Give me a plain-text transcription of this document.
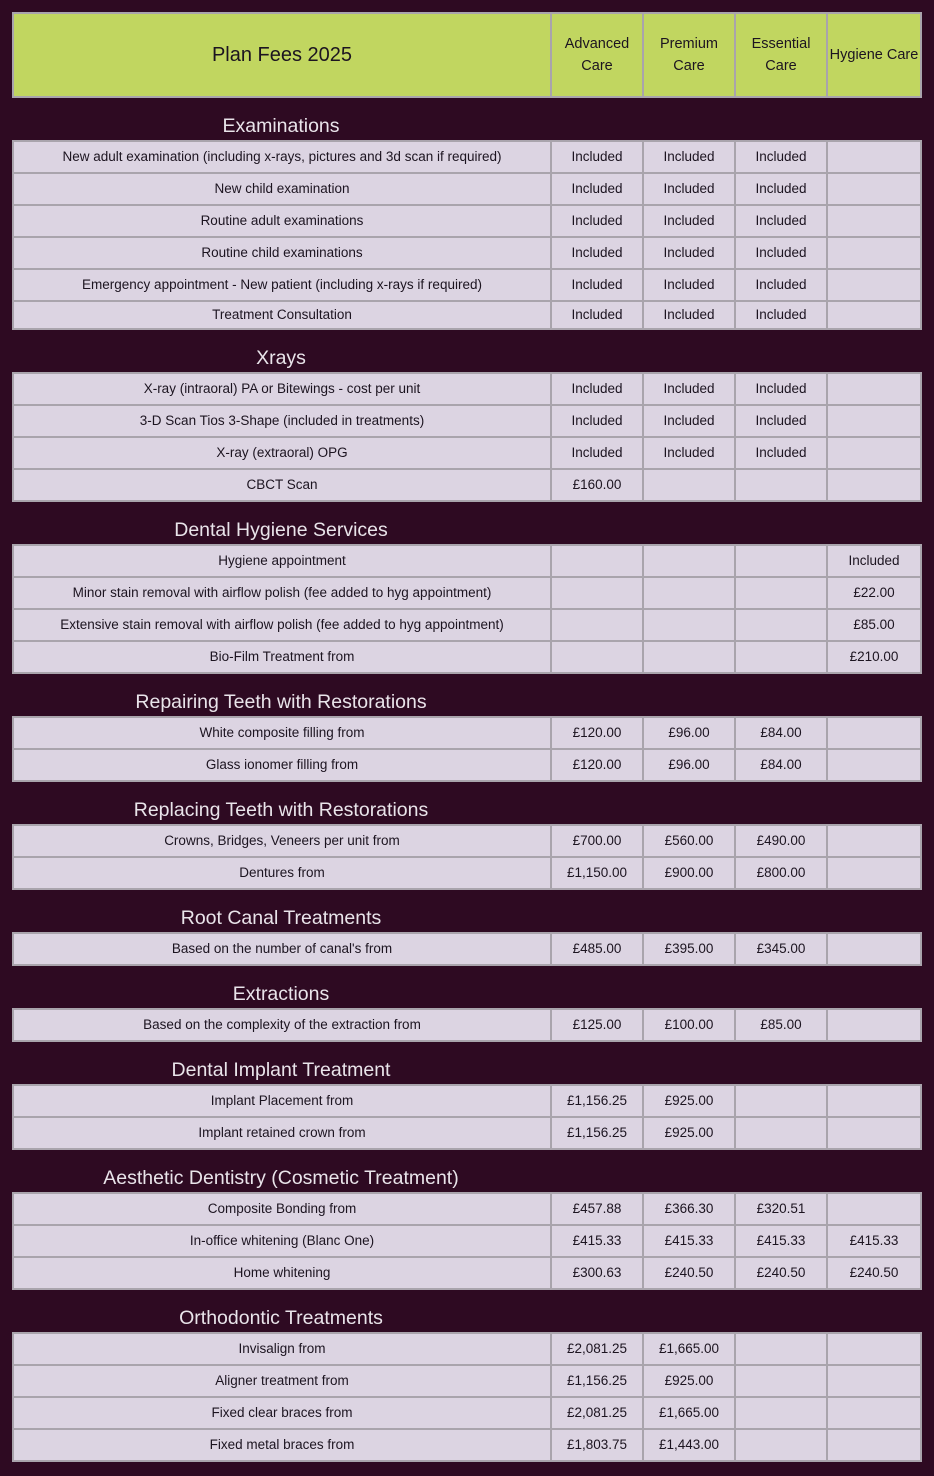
Plan Fees 2025	Advanced Care	Premium Care	Essential Care	Hygiene Care
Examinations
New adult examination (including x-rays, pictures and 3d scan if required)	Included	Included	Included	
New child examination	Included	Included	Included	
Routine adult examinations	Included	Included	Included	
Routine child examinations	Included	Included	Included	
Emergency appointment - New patient (including x-rays if required)	Included	Included	Included	
Treatment Consultation	Included	Included	Included	
Xrays
X-ray (intraoral) PA or Bitewings - cost per unit	Included	Included	Included	
3-D Scan Tios 3-Shape (included in treatments)	Included	Included	Included	
X-ray (extraoral) OPG	Included	Included	Included	
CBCT Scan	£160.00			
Dental Hygiene Services
Hygiene appointment				Included
Minor stain removal with airflow polish (fee added to hyg appointment)				£22.00
Extensive stain removal with airflow polish (fee added to hyg appointment)				£85.00
Bio-Film Treatment from				£210.00
Repairing Teeth with Restorations
White composite filling from	£120.00	£96.00	£84.00	
Glass ionomer filling from	£120.00	£96.00	£84.00	
Replacing Teeth with Restorations
Crowns, Bridges, Veneers per unit from	£700.00	£560.00	£490.00	
Dentures from	£1,150.00	£900.00	£800.00	
Root Canal Treatments
Based on the number of canal's from	£485.00	£395.00	£345.00	
Extractions
Based on the complexity of the extraction from	£125.00	£100.00	£85.00	
Dental Implant Treatment
Implant Placement from	£1,156.25	£925.00		
Implant retained crown from	£1,156.25	£925.00		
Aesthetic Dentistry (Cosmetic Treatment)
Composite Bonding from	£457.88	£366.30	£320.51	
In-office whitening (Blanc One)	£415.33	£415.33	£415.33	£415.33
Home whitening	£300.63	£240.50	£240.50	£240.50
Orthodontic Treatments
Invisalign from	£2,081.25	£1,665.00		
Aligner treatment from	£1,156.25	£925.00		
Fixed clear braces from	£2,081.25	£1,665.00		
Fixed metal braces from	£1,803.75	£1,443.00		
